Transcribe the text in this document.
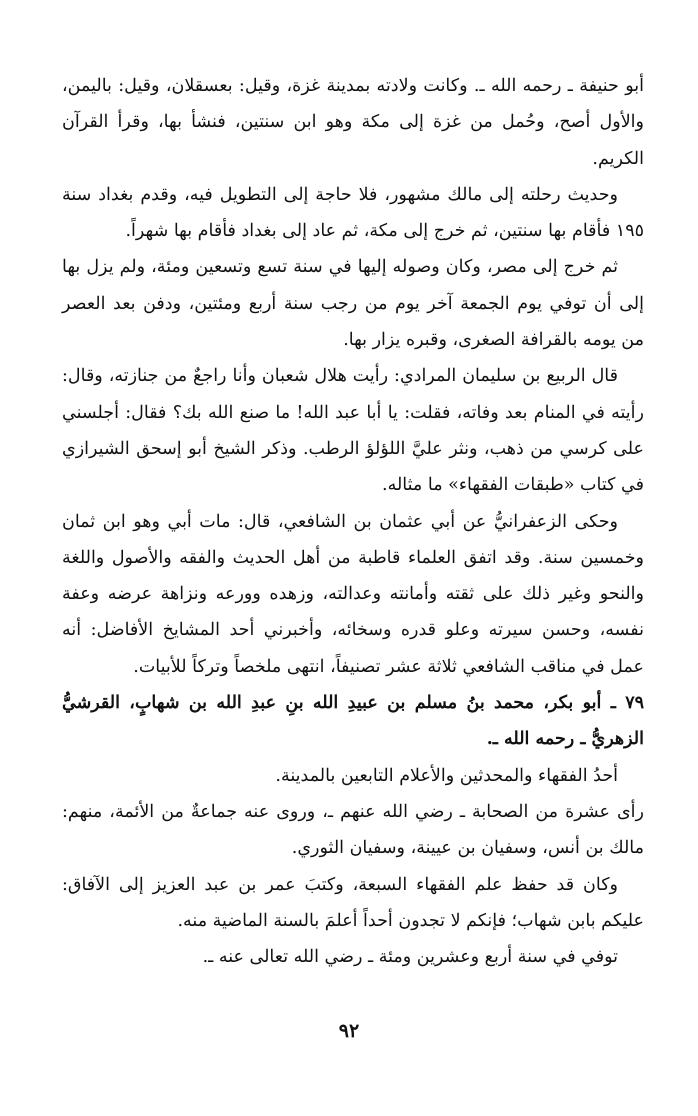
أبو حنيفة ـ رحمه الله ـ. وكانت ولادته بمدينة غزة، وقيل: بعسقلان، وقيل: باليمن، والأول أصح، وحُمل من غزة إلى مكة وهو ابن سنتين، فنشأ بها، وقرأ القرآن الكريم.

وحديث رحلته إلى مالك مشهور، فلا حاجة إلى التطويل فيه، وقدم بغداد سنة ١٩٥ فأقام بها سنتين، ثم خرج إلى مكة، ثم عاد إلى بغداد فأقام بها شهراً.

ثم خرج إلى مصر، وكان وصوله إليها في سنة تسع وتسعين ومئة، ولم يزل بها إلى أن توفي يوم الجمعة آخر يوم من رجب سنة أربع ومئتين، ودفن بعد العصر من يومه بالقرافة الصغرى، وقبره يزار بها.

قال الربيع بن سليمان المرادي: رأيت هلال شعبان وأنا راجعٌ من جنازته، وقال: رأيته في المنام بعد وفاته، فقلت: يا أبا عبد الله! ما صنع الله بك؟ فقال: أجلسني على كرسي من ذهب، ونثر عليَّ اللؤلؤ الرطب. وذكر الشيخ أبو إسحق الشيرازي في كتاب «طبقات الفقهاء» ما مثاله.

وحكى الزعفرانيُّ عن أبي عثمان بن الشافعي، قال: مات أبي وهو ابن ثمان وخمسين سنة. وقد اتفق العلماء قاطبة من أهل الحديث والفقه والأصول واللغة والنحو وغير ذلك على ثقته وأمانته وعدالته، وزهده وورعه ونزاهة عرضه وعفة نفسه، وحسن سيرته وعلو قدره وسخائه، وأخبرني أحد المشايخ الأفاضل: أنه عمل في مناقب الشافعي ثلاثة عشر تصنيفاً، انتهى ملخصاً وتركاً للأبيات.

٧٩ ـ أبو بكر، محمد بنُ مسلم بن عبيدِ الله بنِ عبدِ الله بن شهابٍ، القرشيُّ الزهريُّ ـ رحمه الله ـ.

أحدُ الفقهاء والمحدثين والأعلام التابعين بالمدينة.

رأى عشرة من الصحابة ـ رضي الله عنهم ـ، وروى عنه جماعةٌ من الأئمة، منهم: مالك بن أنس، وسفيان بن عيينة، وسفيان الثوري.

وكان قد حفظ علم الفقهاء السبعة، وكتبَ عمر بن عبد العزيز إلى الآفاق: عليكم بابن شهاب؛ فإنكم لا تجدون أحداً أعلمَ بالسنة الماضية منه.

توفي في سنة أربع وعشرين ومئة ـ رضي الله تعالى عنه ـ.

٩٢
